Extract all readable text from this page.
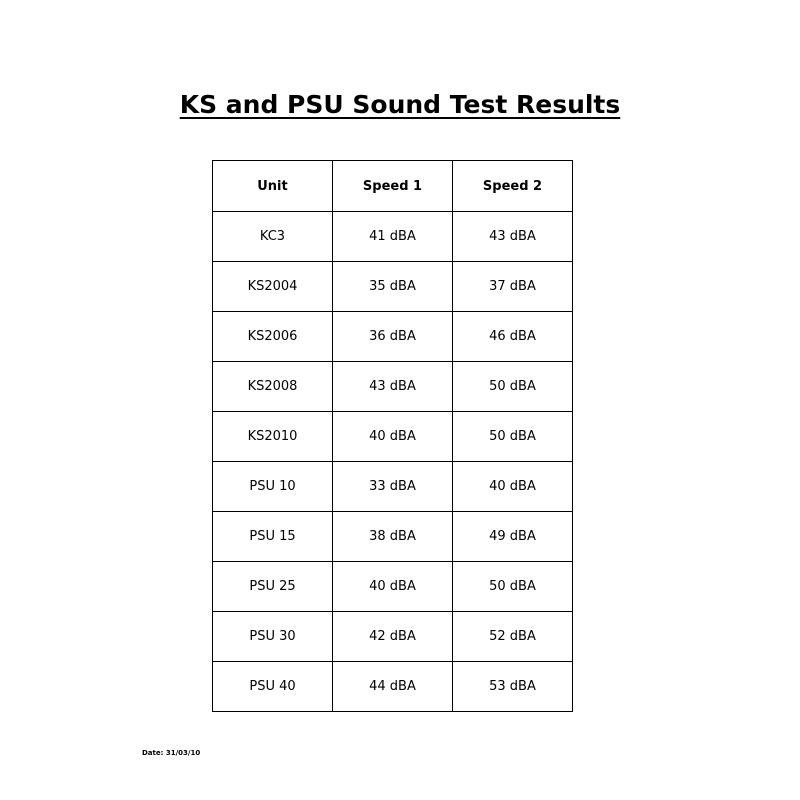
KS and PSU Sound Test Results
Unit	Speed 1	Speed 2
KC3	41 dBA	43 dBA
KS2004	35 dBA	37 dBA
KS2006	36 dBA	46 dBA
KS2008	43 dBA	50 dBA
KS2010	40 dBA	50 dBA
PSU 10	33 dBA	40 dBA
PSU 15	38 dBA	49 dBA
PSU 25	40 dBA	50 dBA
PSU 30	42 dBA	52 dBA
PSU 40	44 dBA	53 dBA
Date: 31/03/10
